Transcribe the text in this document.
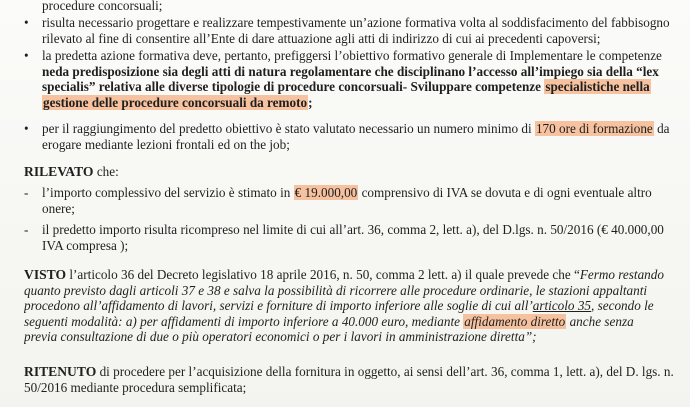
procedure concorsuali;
•	risulta necessario progettare e realizzare tempestivamente un’azione formativa volta al soddisfacimento del fabbisogno
rilevato al fine di consentire all’Ente di dare attuazione agli atti di indirizzo di cui ai precedenti capoversi;
•	la predetta azione formativa deve, pertanto, prefiggersi l’obiettivo formativo generale di Implementare le competenze
neda predisposizione sia degli atti di natura regolamentare che disciplinano l’accesso all’impiego sia della “lex
specialis” relativa alle diverse tipologie di procedure concorsuali- Sviluppare competenze specialistiche nella
gestione delle procedure concorsuali da remoto;
•	per il raggiungimento del predetto obiettivo è stato valutato necessario un numero minimo di 170 ore di formazione da
erogare mediante lezioni frontali ed on the job;
RILEVATO che:
-	l’importo complessivo del servizio è stimato in € 19.000,00 comprensivo di IVA se dovuta e di ogni eventuale altro
onere;
-	il predetto importo risulta ricompreso nel limite di cui all’art. 36, comma 2, lett. a), del D.lgs. n. 50/2016 (€ 40.000,00
IVA compresa );
VISTO l’articolo 36 del Decreto legislativo 18 aprile 2016, n. 50, comma 2 lett. a) il quale prevede che “Fermo restando
quanto previsto dagli articoli 37 e 38 e salva la possibilità di ricorrere alle procedure ordinarie, le stazioni appaltanti
procedono all’affidamento di lavori, servizi e forniture di importo inferiore alle soglie di cui all’articolo 35, secondo le
seguenti modalità: a) per affidamenti di importo inferiore a 40.000 euro, mediante affidamento diretto anche senza
previa consultazione di due o più operatori economici o per i lavori in amministrazione diretta”;
RITENUTO di procedere per l’acquisizione della fornitura in oggetto, ai sensi dell’art. 36, comma 1, lett. a), del D. lgs. n.
50/2016 mediante procedura semplificata;
